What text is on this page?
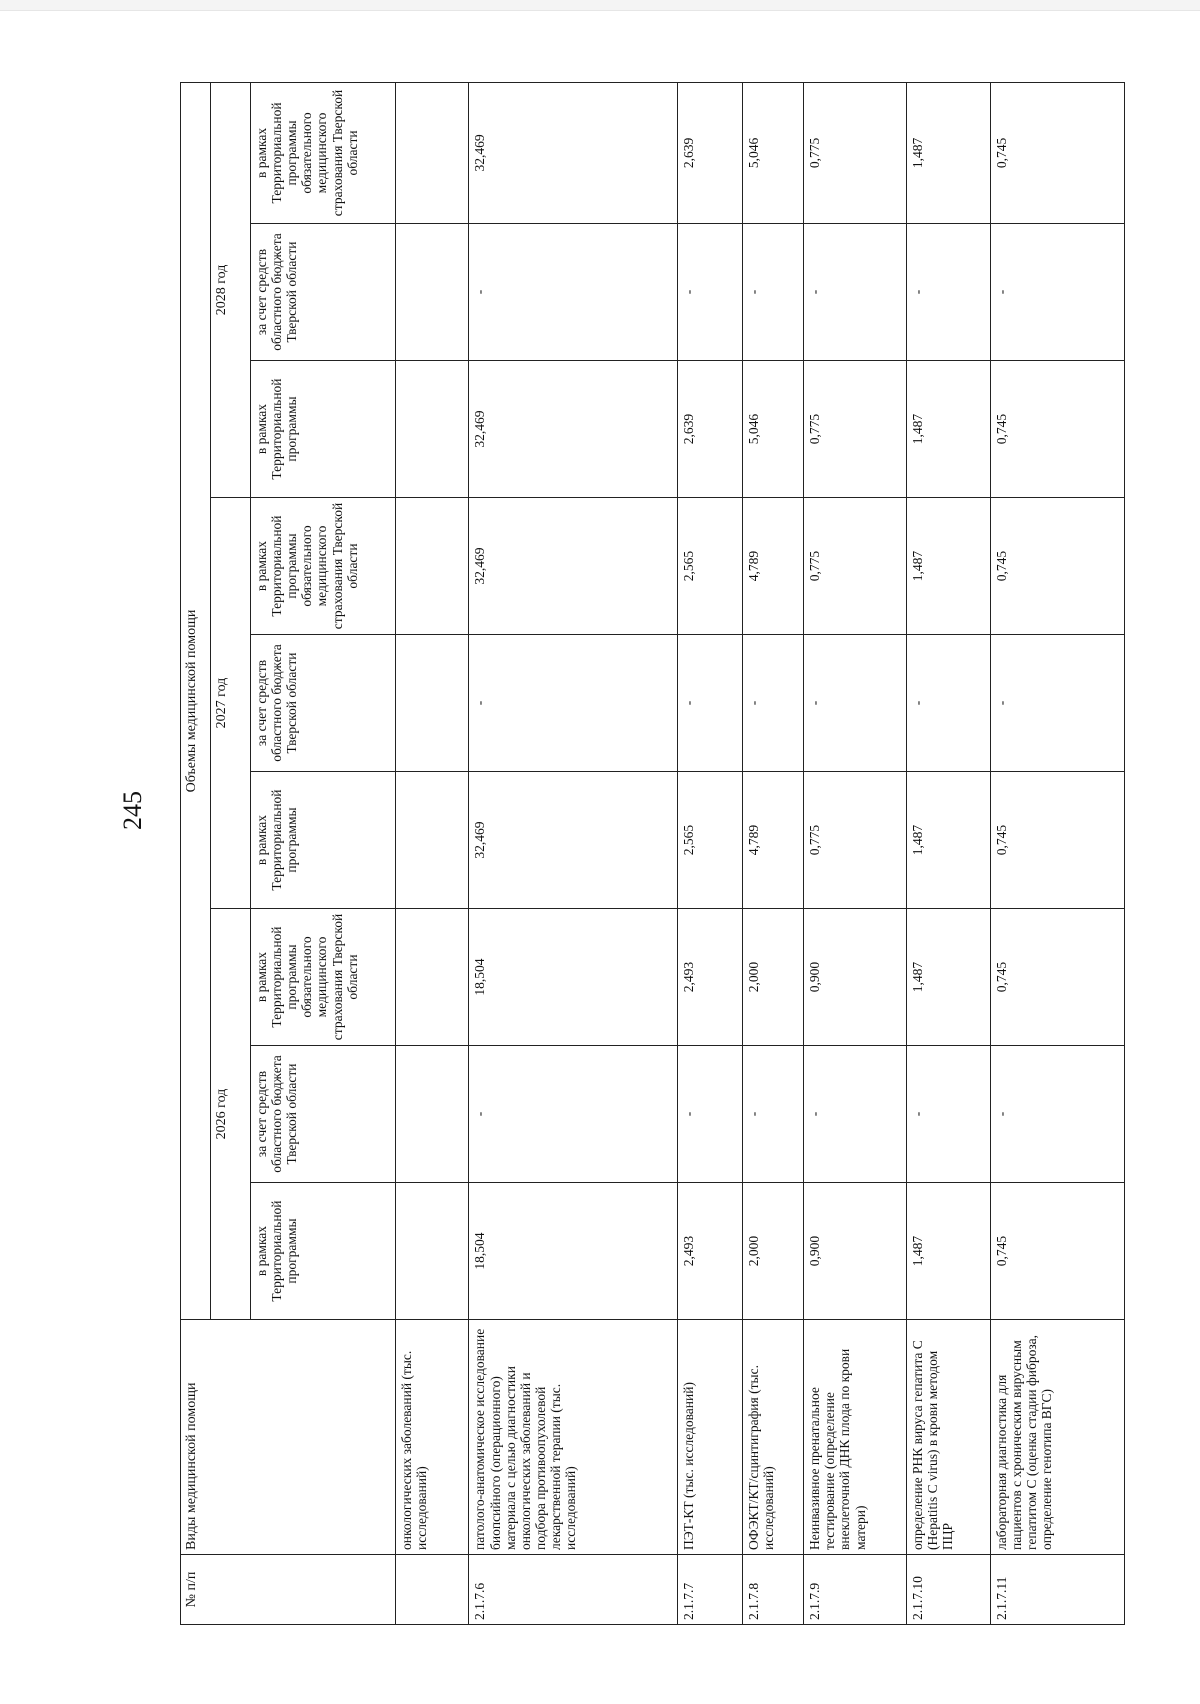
245
№ п/п	Виды медицинской помощи	Объемы медицинской помощи								
		2026 год			2027 год			2028 год		
		в рамках Территориальной программы	за счет средств областного бюджета Тверской области	в рамках Территориальной программы обязательного медицинского страхования Тверской области	в рамках Территориальной программы	за счет средств областного бюджета Тверской области	в рамках Территориальной программы обязательного медицинского страхования Тверской области	в рамках Территориальной программы	за счет средств областного бюджета Тверской области	в рамках Территориальной программы обязательного медицинского страхования Тверской области
	онкологических заболеваний (тыс. исследований)									
2.1.7.6	патолого-анатомическое исследование биопсийного (операционного) материала с целью диагностики онкологических заболеваний и подбора противоопухолевой лекарственной терапии (тыс. исследований)	18,504	-	18,504	32,469	-	32,469	32,469	-	32,469
2.1.7.7	ПЭТ-КТ (тыс. исследований)	2,493	-	2,493	2,565	-	2,565	2,639	-	2,639
2.1.7.8	ОФЭКТ/КТ/сцинтиграфия (тыс. исследований)	2,000	-	2,000	4,789	-	4,789	5,046	-	5,046
2.1.7.9	Неинвазивное пренатальное тестирование (определение внеклеточной ДНК плода по крови матери)	0,900	-	0,900	0,775	-	0,775	0,775	-	0,775
2.1.7.10	определение РНК вируса гепатита C (Hepatitis C virus) в крови методом ПЦР	1,487	-	1,487	1,487	-	1,487	1,487	-	1,487
2.1.7.11	лабораторная диагностика для пациентов с хроническим вирусным гепатитом C (оценка стадии фиброза, определение генотипа ВГС)	0,745	-	0,745	0,745	-	0,745	0,745	-	0,745
